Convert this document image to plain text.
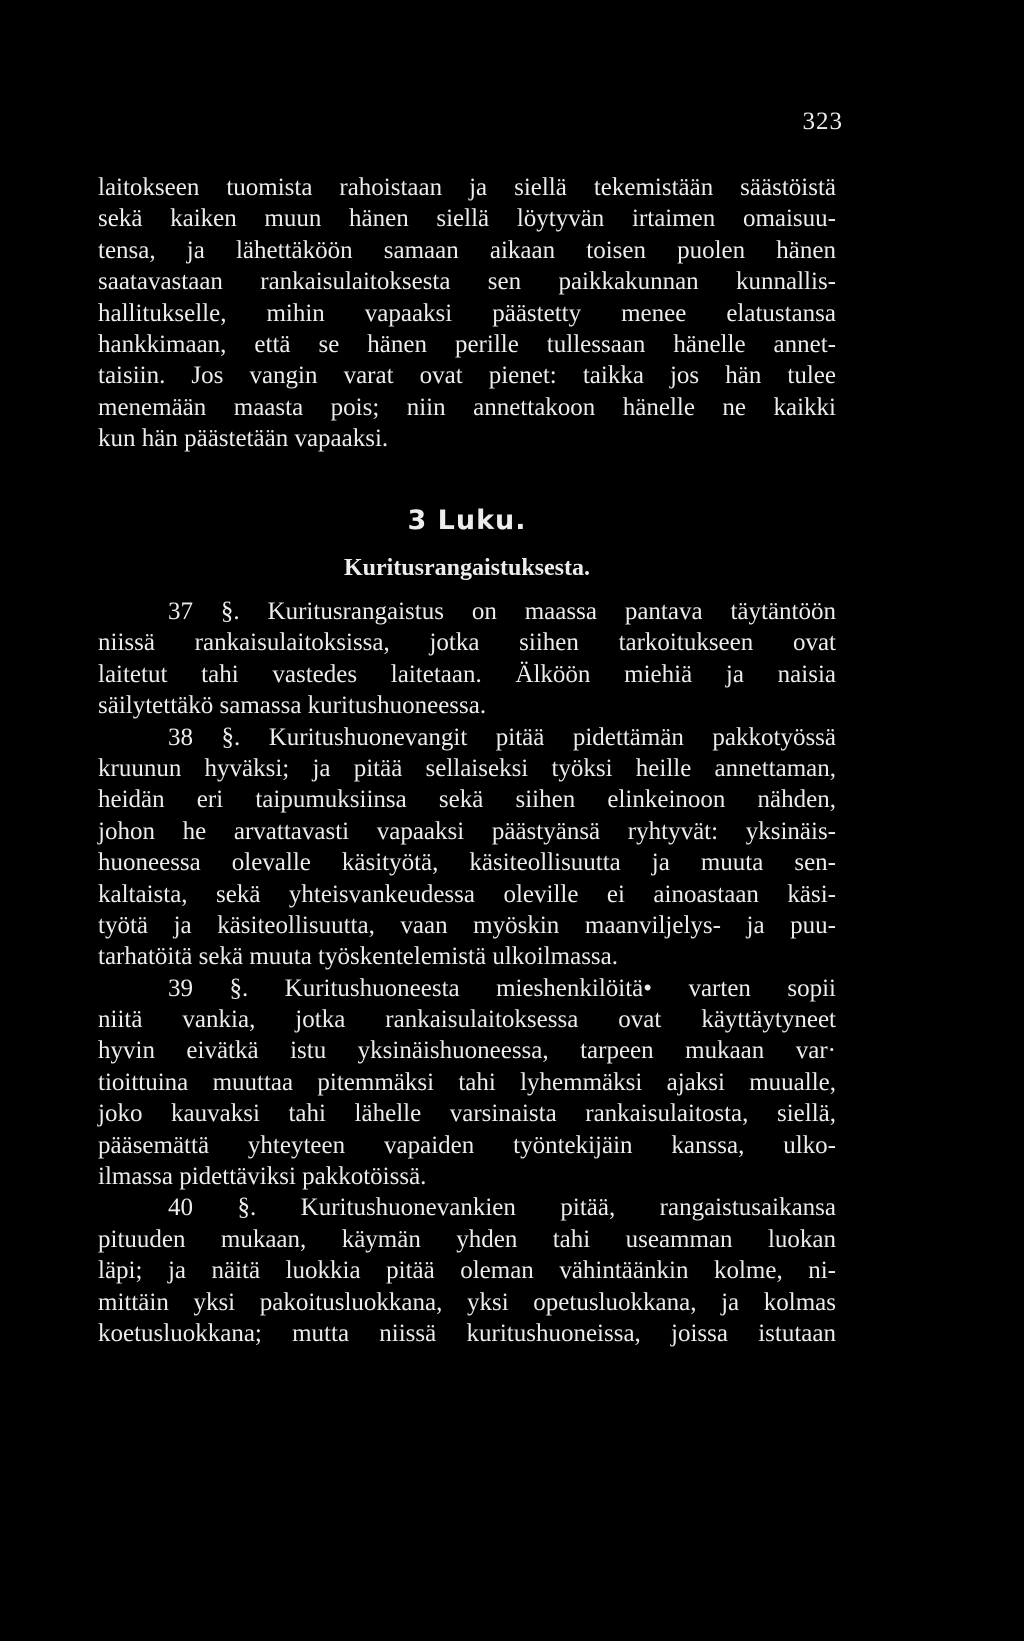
323
laitokseen tuomista rahoistaan ja siellä tekemistään säästöistä
sekä kaiken muun hänen siellä löytyvän irtaimen omaisuu-
tensa, ja lähettäköön samaan aikaan toisen puolen hänen
saatavastaan rankaisulaitoksesta sen paikkakunnan kunnallis-
hallitukselle, mihin vapaaksi päästetty menee elatustansa
hankkimaan, että se hänen perille tullessaan hänelle annet-
taisiin. Jos vangin varat ovat pienet: taikka jos hän tulee
menemään maasta pois; niin annettakoon hänelle ne kaikki
kun hän päästetään vapaaksi.
3 Luku.
Kuritusrangaistuksesta.
37 §. Kuritusrangaistus on maassa pantava täytäntöön
niissä rankaisulaitoksissa, jotka siihen tarkoitukseen ovat
laitetut tahi vastedes laitetaan. Älköön miehiä ja naisia
säilytettäkö samassa kuritushuoneessa.
38 §. Kuritushuonevangit pitää pidettämän pakkotyössä
kruunun hyväksi; ja pitää sellaiseksi työksi heille annettaman,
heidän eri taipumuksiinsa sekä siihen elinkeinoon nähden,
johon he arvattavasti vapaaksi päästyänsä ryhtyvät: yksinäis-
huoneessa olevalle käsityötä, käsiteollisuutta ja muuta sen-
kaltaista, sekä yhteisvankeudessa oleville ei ainoastaan käsi-
työtä ja käsiteollisuutta, vaan myöskin maanviljelys- ja puu-
tarhatöitä sekä muuta työskentelemistä ulkoilmassa.
39 §. Kuritushuoneesta mieshenkilöitä• varten sopii
niitä vankia, jotka rankaisulaitoksessa ovat käyttäytyneet
hyvin eivätkä istu yksinäishuoneessa, tarpeen mukaan var·
tioittuina muuttaa pitemmäksi tahi lyhemmäksi ajaksi muualle,
joko kauvaksi tahi lähelle varsinaista rankaisulaitosta, siellä,
pääsemättä yhteyteen vapaiden työntekijäin kanssa, ulko-
ilmassa pidettäviksi pakkotöissä.
40 §. Kuritushuonevankien pitää, rangaistusaikansa
pituuden mukaan, käymän yhden tahi useamman luokan
läpi; ja näitä luokkia pitää oleman vähintäänkin kolme, ni-
mittäin yksi pakoitusluokkana, yksi opetusluokkana, ja kolmas
koetusluokkana; mutta niissä kuritushuoneissa, joissa istutaan
